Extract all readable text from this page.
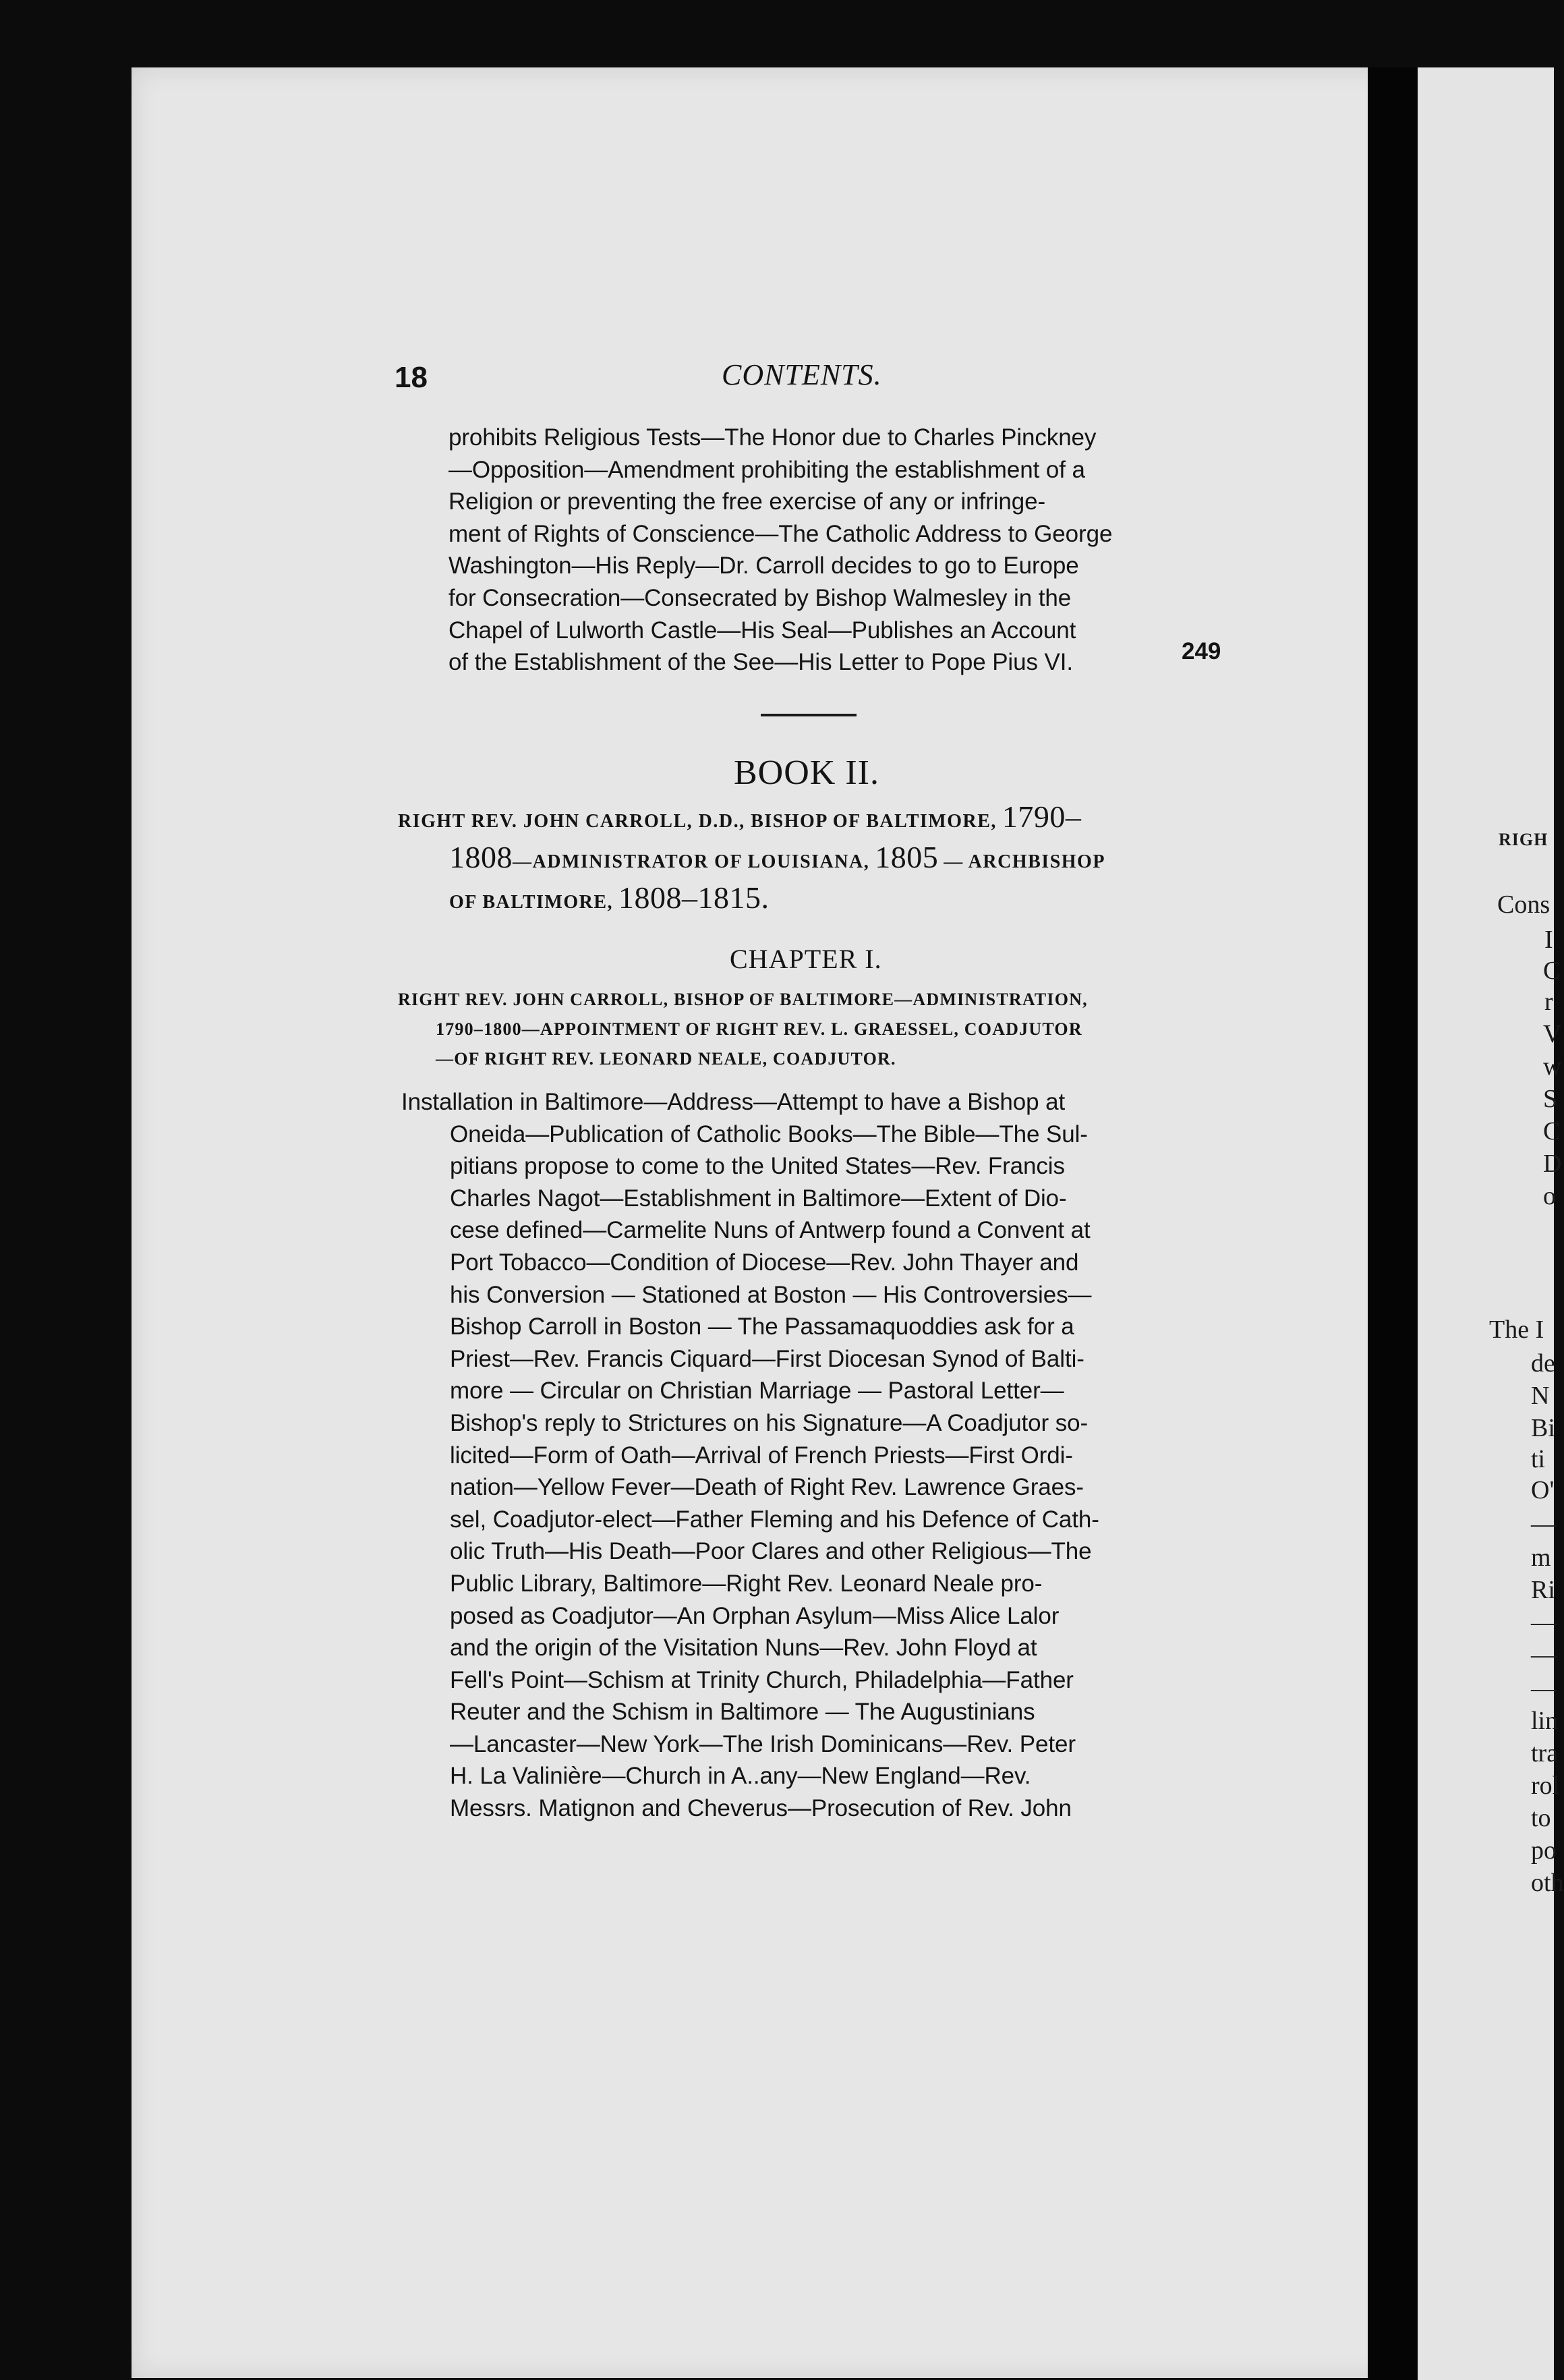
RIGH
Cons
I
C
r
V
w
S
C
D
o
The I
de
N
Bi
ti
O'
—
m
Ri
—
—
—
lin
tra
rol
to
po
oth
18	CONTENTS.
prohibits Religious Tests—The Honor due to Charles Pinckney
—Opposition—Amendment prohibiting the establishment of a
Religion or preventing the free exercise of any or infringe-
ment of Rights of Conscience—The Catholic Address to George
Washington—His Reply—Dr. Carroll decides to go to Europe
for Consecration—Consecrated by Bishop Walmesley in the
Chapel of Lulworth Castle—His Seal—Publishes an Account
of the Establishment of the See—His Letter to Pope Pius VI.	249
BOOK II.
RIGHT REV. JOHN CARROLL, D.D., BISHOP OF BALTIMORE, 1790–
1808—ADMINISTRATOR OF LOUISIANA, 1805 — ARCHBISHOP
OF BALTIMORE, 1808–1815.
CHAPTER I.
RIGHT REV. JOHN CARROLL, BISHOP OF BALTIMORE—ADMINISTRATION,
1790–1800—APPOINTMENT OF RIGHT REV. L. GRAESSEL, COADJUTOR
—OF RIGHT REV. LEONARD NEALE, COADJUTOR.
Installation in Baltimore—Address—Attempt to have a Bishop at
Oneida—Publication of Catholic Books—The Bible—The Sul-
pitians propose to come to the United States—Rev. Francis
Charles Nagot—Establishment in Baltimore—Extent of Dio-
cese defined—Carmelite Nuns of Antwerp found a Convent at
Port Tobacco—Condition of Diocese—Rev. John Thayer and
his Conversion — Stationed at Boston — His Controversies—
Bishop Carroll in Boston — The Passamaquoddies ask for a
Priest—Rev. Francis Ciquard—First Diocesan Synod of Balti-
more — Circular on Christian Marriage — Pastoral Letter—
Bishop's reply to Strictures on his Signature—A Coadjutor so-
licited—Form of Oath—Arrival of French Priests—First Ordi-
nation—Yellow Fever—Death of Right Rev. Lawrence Graes-
sel, Coadjutor-elect—Father Fleming and his Defence of Cath-
olic Truth—His Death—Poor Clares and other Religious—The
Public Library, Baltimore—Right Rev. Leonard Neale pro-
posed as Coadjutor—An Orphan Asylum—Miss Alice Lalor
and the origin of the Visitation Nuns—Rev. John Floyd at
Fell's Point—Schism at Trinity Church, Philadelphia—Father
Reuter and the Schism in Baltimore — The Augustinians
—Lancaster—New York—The Irish Dominicans—Rev. Peter
H. La Valinière—Church in A..any—New England—Rev.
Messrs. Matignon and Cheverus—Prosecution of Rev. John
